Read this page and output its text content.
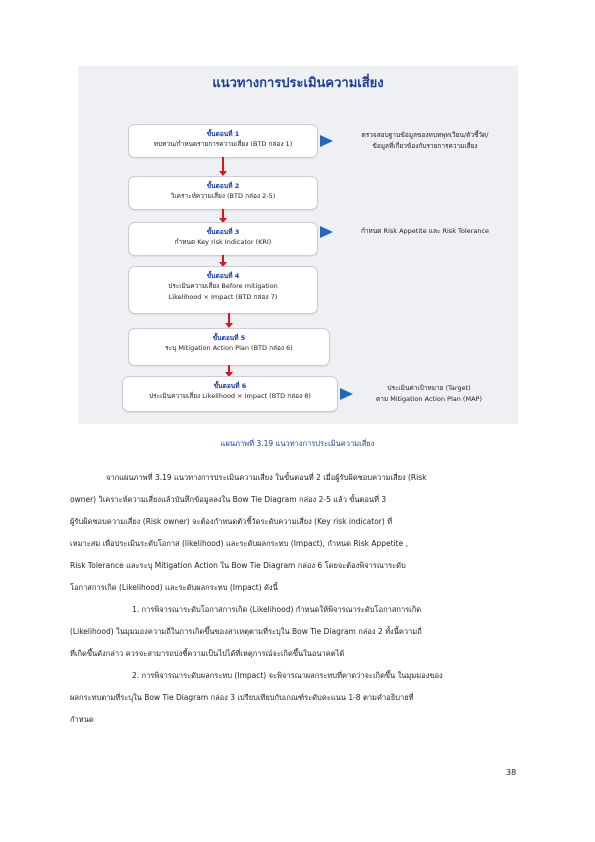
แนวทางการประเมินความเสี่ยง
ขั้นตอนที่ 1
ทบทวน/กำหนดรายการความเสี่ยง (BTD กล่อง 1)
ขั้นตอนที่ 2
วิเคราะห์ความเสี่ยง (BTD กล่อง 2-5)
ขั้นตอนที่ 3
กำหนด Key risk Indicator (KRI)
ขั้นตอนที่ 4
ประเมินความเสี่ยง Before mitigation
Likelihood × Impact (BTD กล่อง 7)
ขั้นตอนที่ 5
ระบุ Mitigation Action Plan (BTD กล่อง 6)
ขั้นตอนที่ 6
ประเมินความเสี่ยง Likelihood × Impact (BTD กล่อง 8)
ตรวจสอบฐานข้อมูลของทบทพุทเวียน/ตัวชี้วัด/
ข้อมูลที่เกี่ยวข้องกับรายการความเสี่ยง
กำหนด Risk Appetite และ Risk Tolerance
ประเมินค่าเป้าหมาย (Target)
ตาม Mitigation Action Plan (MAP)
แผนภาพที่ 3.19 แนวทางการประเมินความเสี่ยง
จากแผนภาพที่ 3.19 แนวทางการประเมินความเสี่ยง ในขั้นตอนที่ 2 เมื่อผู้รับผิดชอบความเสี่ยง (Risk
owner) วิเคราะห์ความเสี่ยงแล้วบันทึกข้อมูลลงใน Bow Tie Diagram กล่อง 2-5 แล้ว ขั้นตอนที่ 3
ผู้รับผิดชอบความเสี่ยง (Risk owner) จะต้องกำหนดตัวชี้วัดระดับความเสี่ยง (Key risk indicator) ที่
เหมาะสม เพื่อประเมินระดับโอกาส (likelihood) และระดับผลกระทบ (Impact), กำหนด Risk Appetite ,
Risk Tolerance และระบุ Mitigation Action ใน Bow Tie Diagram กล่อง 6 โดยจะต้องพิจารณาระดับ
โอกาสการเกิด (Likelihood) และระดับผลกระทบ (Impact) ดังนี้
1. การพิจารณาระดับโอกาสการเกิด (Likelihood) กำหนดให้พิจารณาระดับโอกาสการเกิด
(Likelihood) ในมุมมองความถี่ในการเกิดขึ้นของสาเหตุตามที่ระบุใน Bow Tie Diagram กล่อง 2 ทั้งนี้ความถี่
ที่เกิดขึ้นดังกล่าว ควรจะสามารถบ่งชี้ความเป็นไปได้ที่เหตุการณ์จะเกิดขึ้นในอนาคตได้
2. การพิจารณาระดับผลกระทบ (Impact) จะพิจารณาผลกระทบที่คาดว่าจะเกิดขึ้น ในมุมมองของ
ผลกระทบตามที่ระบุใน Bow Tie Diagram กล่อง 3 เปรียบเทียบกับเกณฑ์ระดับคะแนน 1-8 ตามคำอธิบายที่
กำหนด
38
